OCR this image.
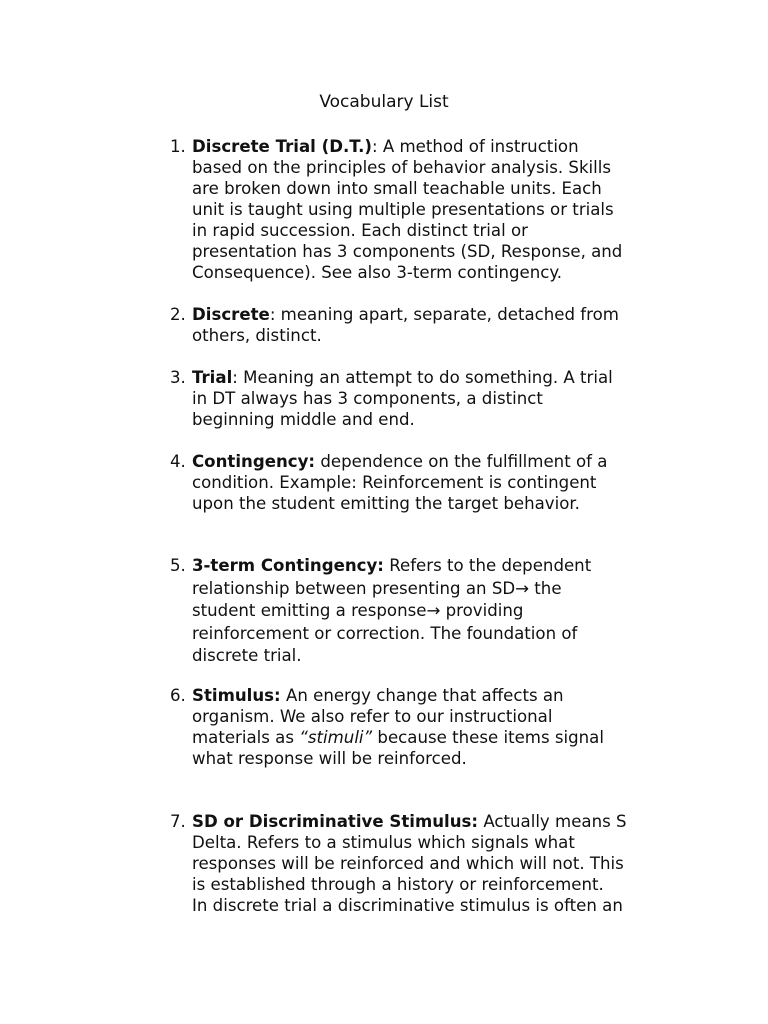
Vocabulary List
1. Discrete Trial (D.T.): A method of instruction
based on the principles of behavior analysis. Skills
are broken down into small teachable units. Each
unit is taught using multiple presentations or trials
in rapid succession. Each distinct trial or
presentation has 3 components (SD, Response, and
Consequence). See also 3-term contingency.
2. Discrete: meaning apart, separate, detached from
others, distinct.
3. Trial: Meaning an attempt to do something. A trial
in DT always has 3 components, a distinct
beginning middle and end.
4. Contingency: dependence on the fulfillment of a
condition. Example: Reinforcement is contingent
upon the student emitting the target behavior.
5. 3-term Contingency: Refers to the dependent
relationship between presenting an SD→ the
student emitting a response→ providing
reinforcement or correction. The foundation of
discrete trial.
6. Stimulus: An energy change that affects an
organism. We also refer to our instructional
materials as “stimuli” because these items signal
what response will be reinforced.
7. SD or Discriminative Stimulus: Actually means S
Delta. Refers to a stimulus which signals what
responses will be reinforced and which will not. This
is established through a history or reinforcement.
In discrete trial a discriminative stimulus is often an
